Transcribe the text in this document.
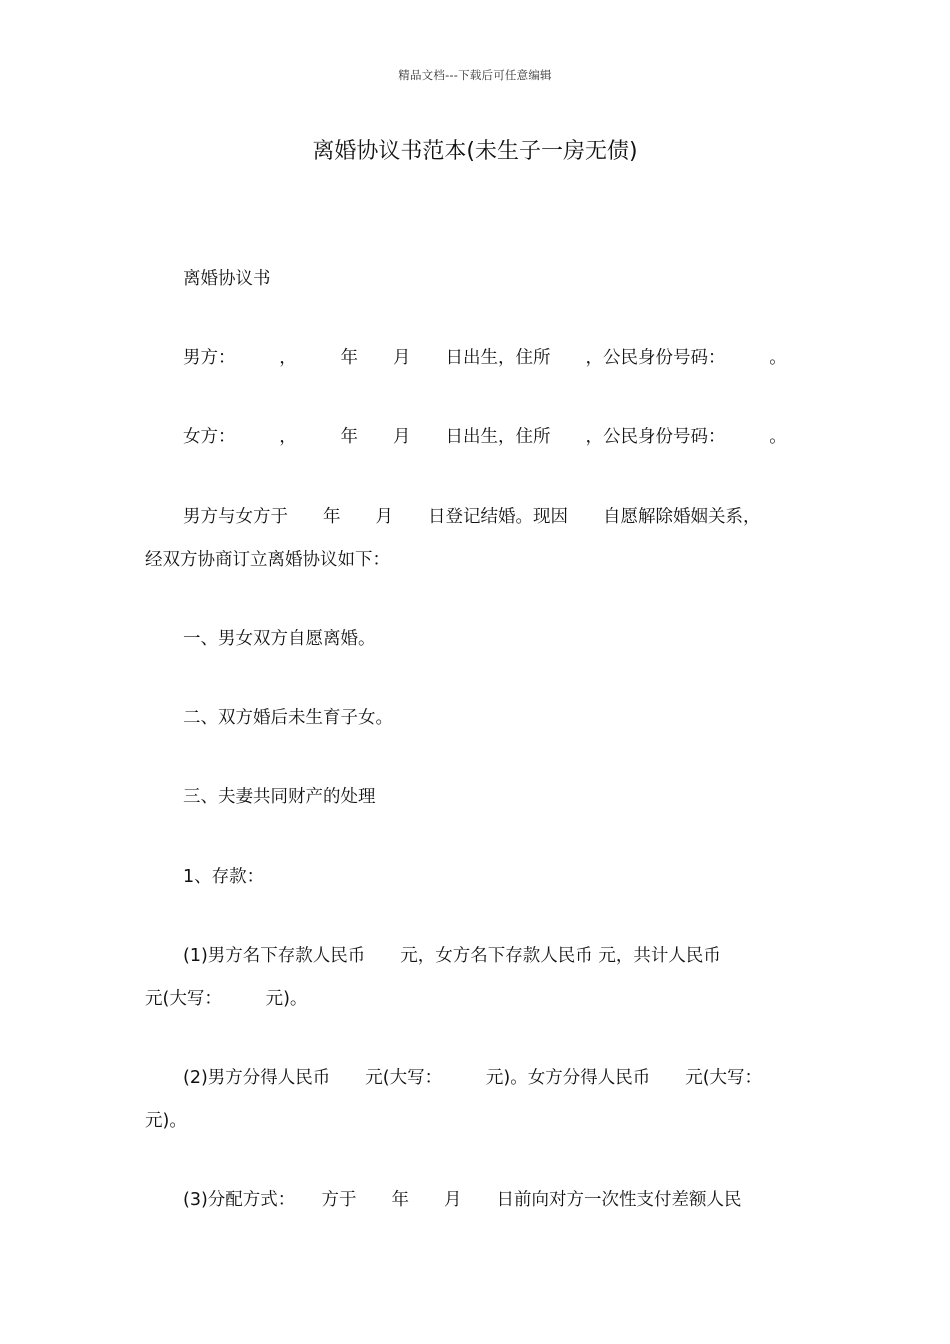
精品文档---下载后可任意编辑
离婚协议书范本(未生子一房无债)
离婚协议书
男方：　　　，　　　年　　月　　日出生，住所　　，公民身份号码：　　　。
女方：　　　，　　　年　　月　　日出生，住所　　，公民身份号码：　　　。
男方与女方于　　年　　月　　日登记结婚。现因　　自愿解除婚姻关系，
经双方协商订立离婚协议如下：
一、男女双方自愿离婚。
二、双方婚后未生育子女。
三、夫妻共同财产的处理
1、存款：
(1)男方名下存款人民币　　元，女方名下存款人民币 元，共计人民币
元(大写：　　　元)。
(2)男方分得人民币　　元(大写：　　　元)。女方分得人民币　　元(大写：
元)。
(3)分配方式：　　方于　　年　　月　　日前向对方一次性支付差额人民
